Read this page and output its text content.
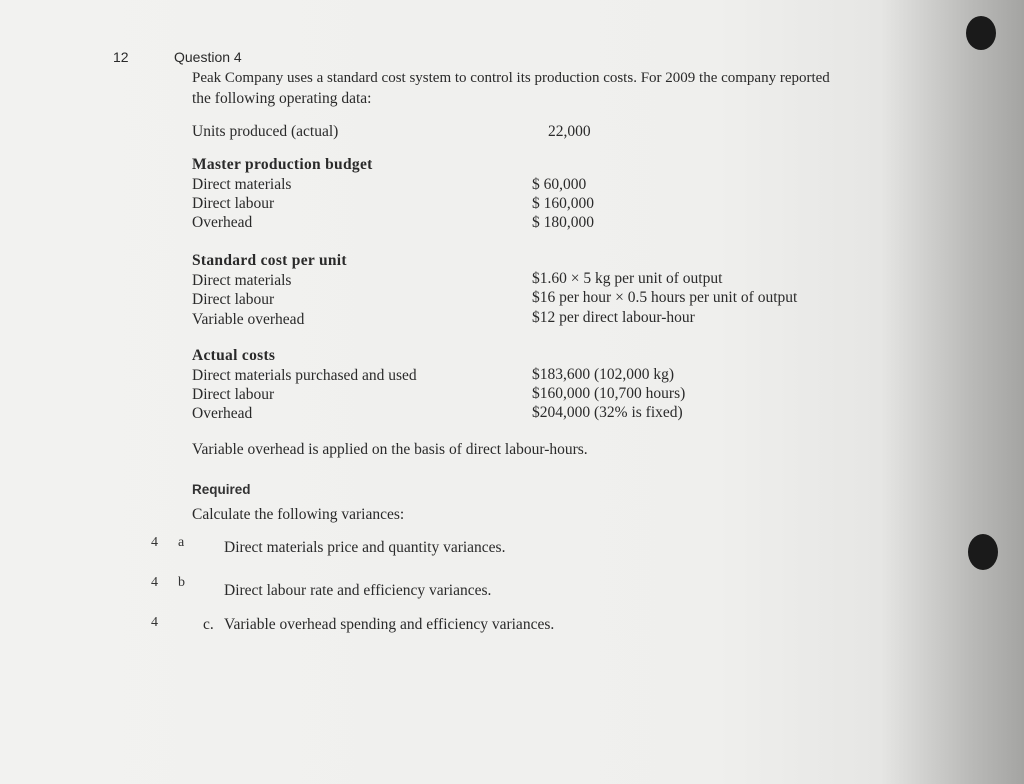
12	Question 4
Peak Company uses a standard cost system to control its production costs. For 2009 the company reported
the following operating data:
Units produced (actual)	22,000
Master production budget
Direct materials	$ 60,000
Direct labour	$ 160,000
Overhead	$ 180,000
Standard cost per unit
Direct materials	$1.60 × 5 kg per unit of output
Direct labour	$16 per hour × 0.5 hours per unit of output
Variable overhead	$12 per direct labour-hour
Actual costs
Direct materials purchased and used	$183,600 (102,000 kg)
Direct labour	$160,000 (10,700 hours)
Overhead	$204,000 (32% is fixed)
Variable overhead is applied on the basis of direct labour-hours.
Required
Calculate the following variances:
4 a	Direct materials price and quantity variances.
4 b	Direct labour rate and efficiency variances.
4	c. Variable overhead spending and efficiency variances.
